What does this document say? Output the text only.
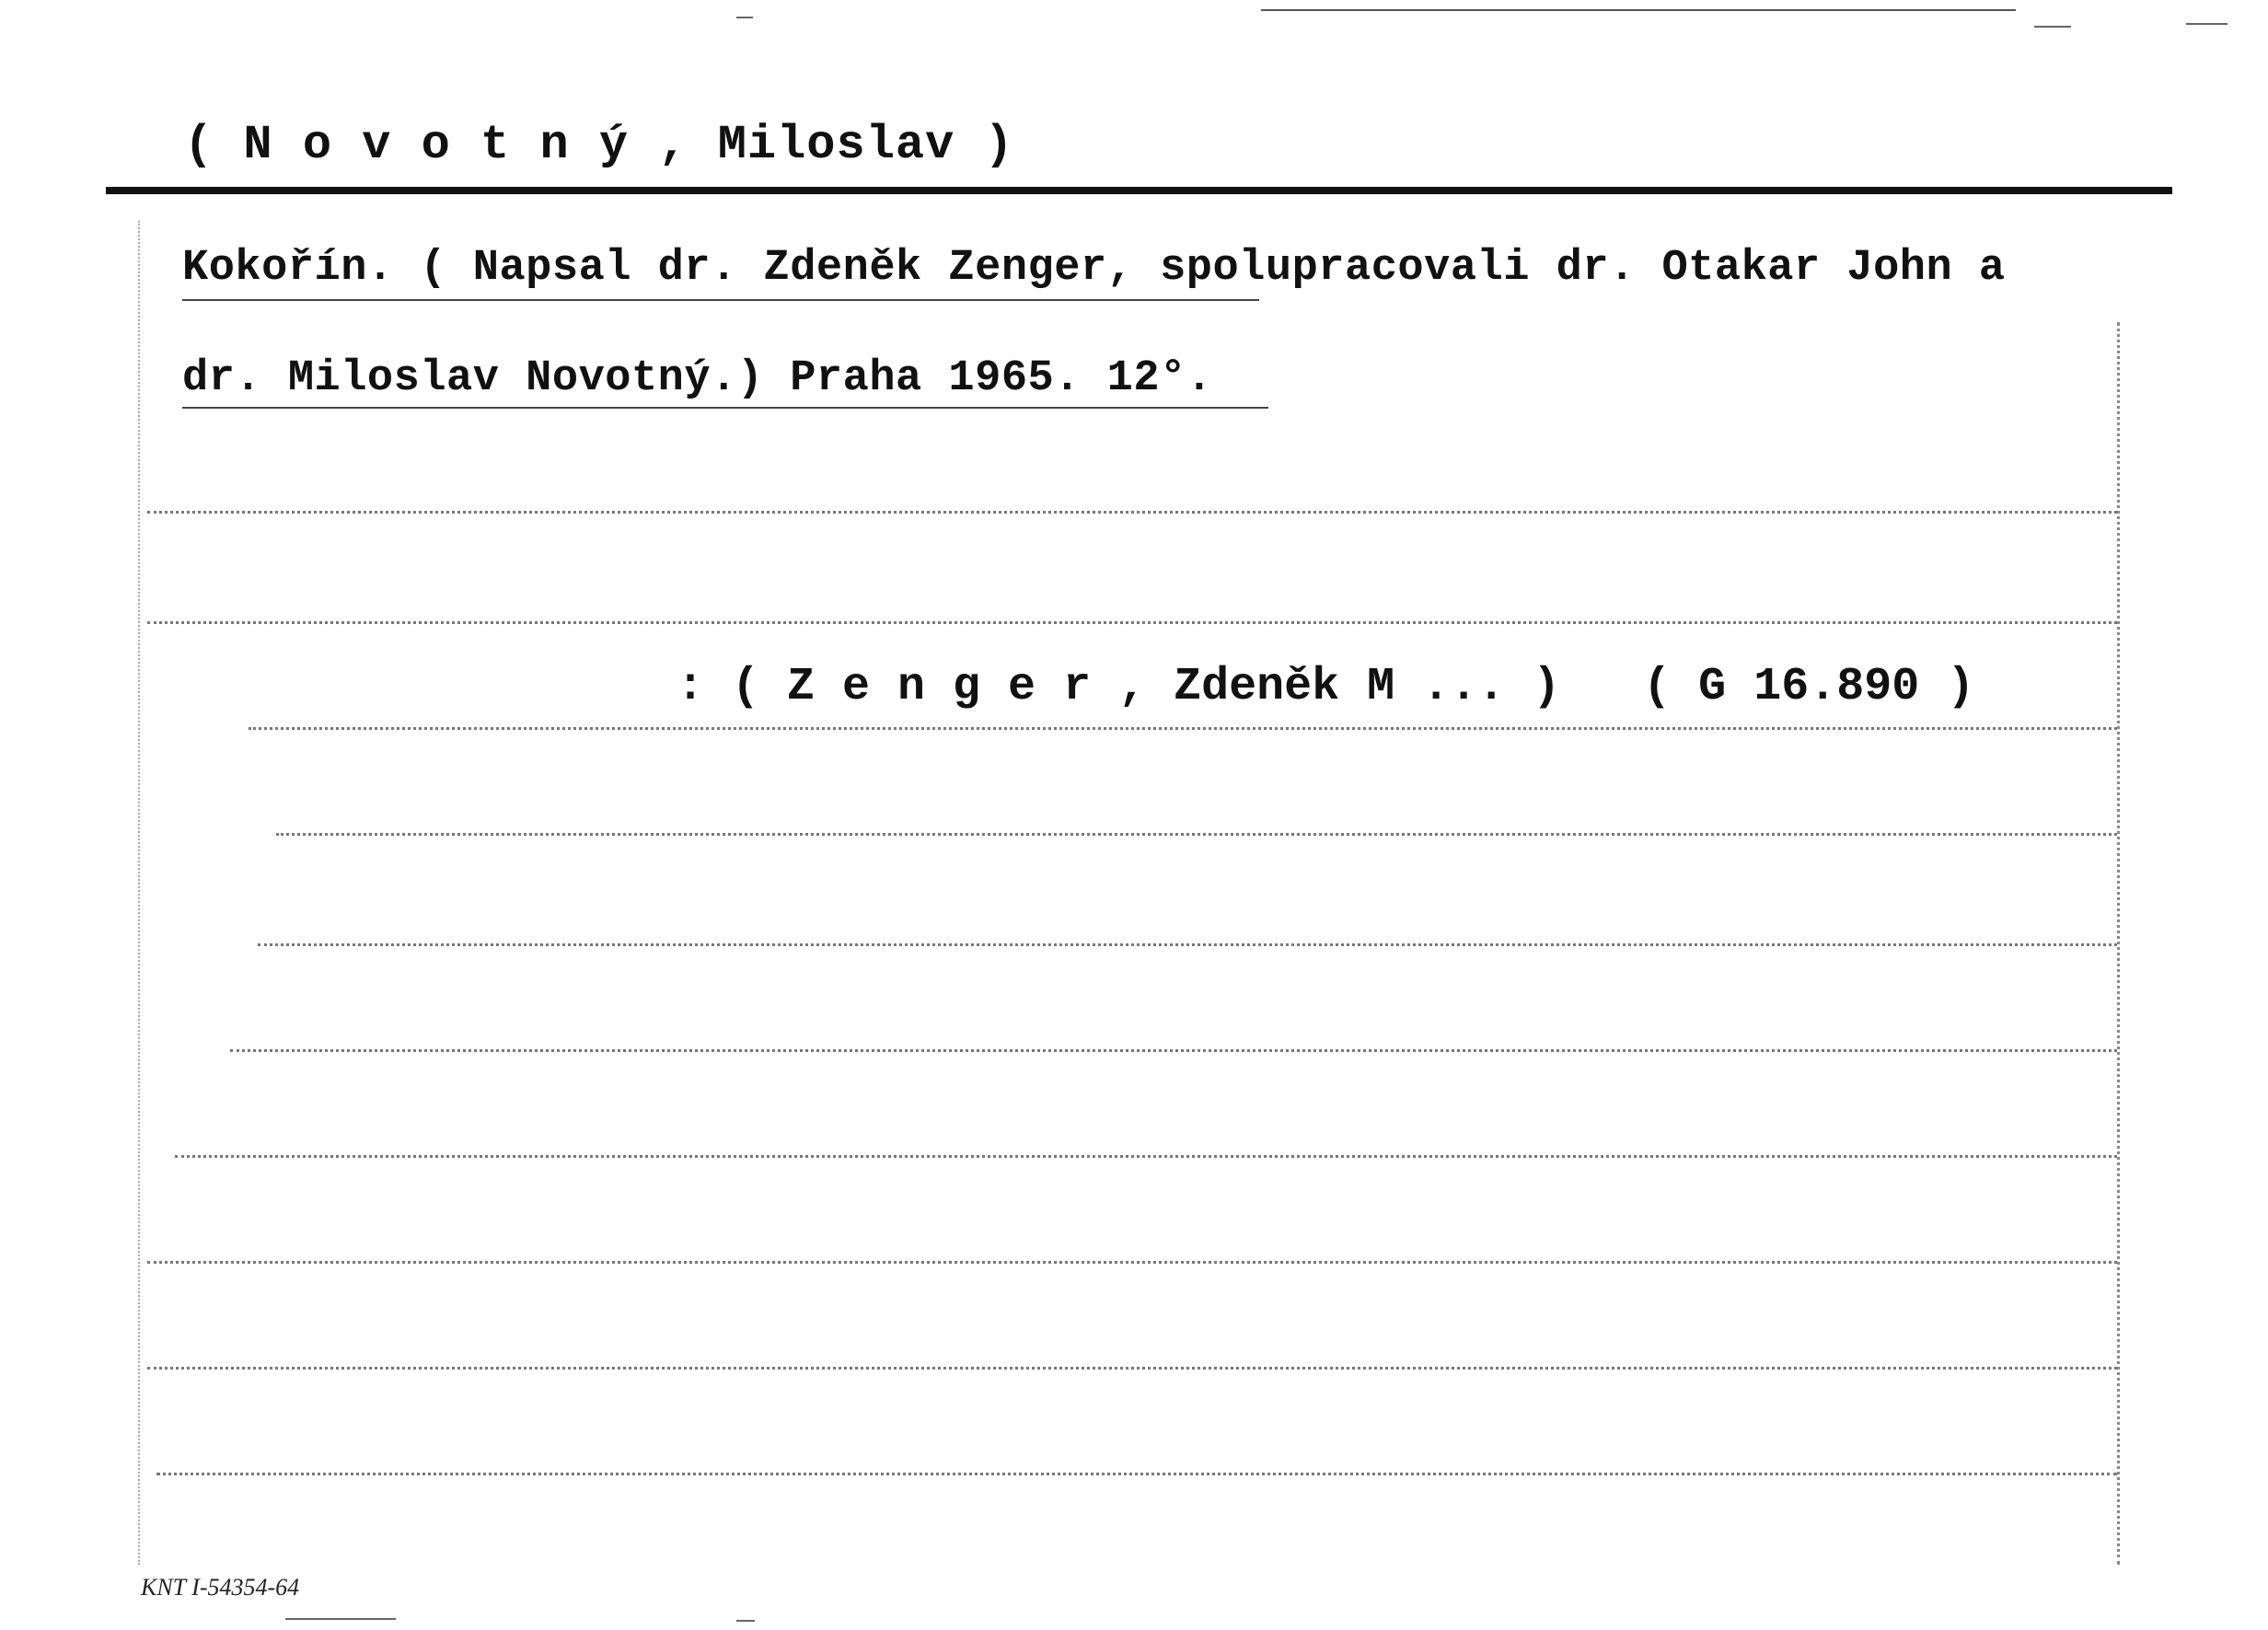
( N o v o t n ý , Miloslav )
Kokořín. ( Napsal dr. Zdeněk Zenger, spolupracovali dr. Otakar John a
dr. Miloslav Novotný.) Praha 1965. 12°.
: ( Z e n g e r , Zdeněk M ... )   ( G 16.890 )
KNT I-54354-64
